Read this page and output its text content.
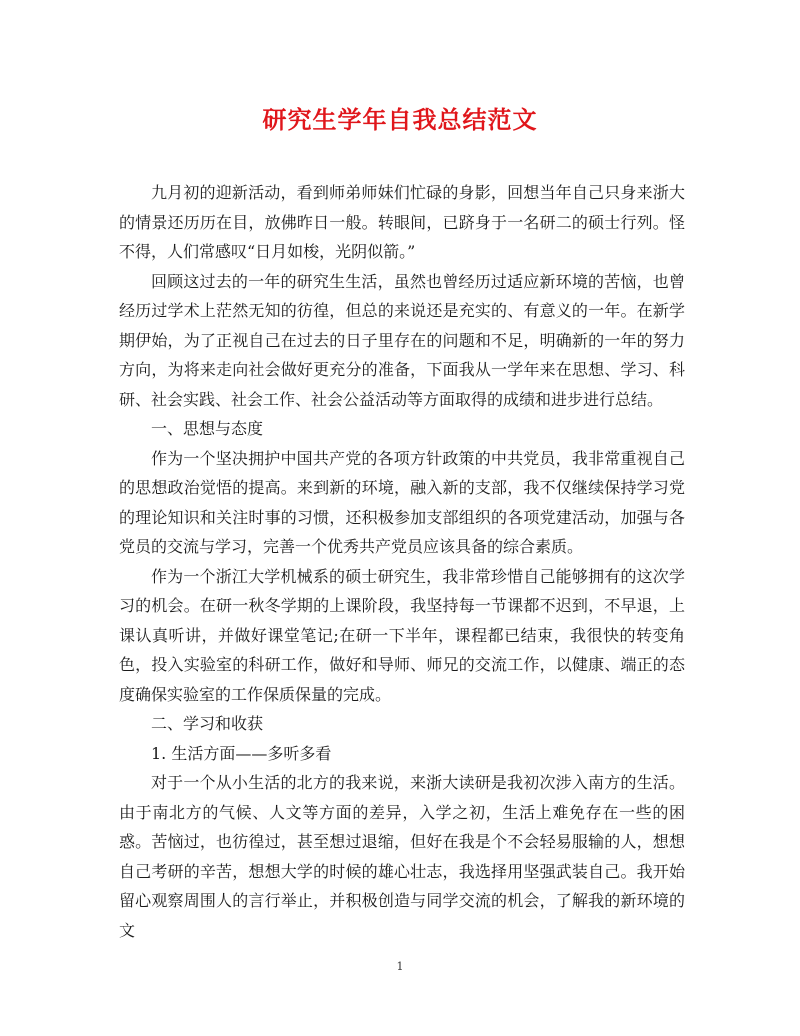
研究生学年自我总结范文

九月初的迎新活动，看到师弟师妹们忙碌的身影，回想当年自己只身来浙大的情景还历历在目，放佛昨日一般。转眼间，已跻身于一名研二的硕士行列。怪不得，人们常感叹“日月如梭，光阴似箭。”

回顾这过去的一年的研究生生活，虽然也曾经历过适应新环境的苦恼，也曾经历过学术上茫然无知的彷徨，但总的来说还是充实的、有意义的一年。在新学期伊始，为了正视自己在过去的日子里存在的问题和不足，明确新的一年的努力方向，为将来走向社会做好更充分的准备，下面我从一学年来在思想、学习、科研、社会实践、社会工作、社会公益活动等方面取得的成绩和进步进行总结。

一、思想与态度

作为一个坚决拥护中国共产党的各项方针政策的中共党员，我非常重视自己的思想政治觉悟的提高。来到新的环境，融入新的支部，我不仅继续保持学习党的理论知识和关注时事的习惯，还积极参加支部组织的各项党建活动，加强与各党员的交流与学习，完善一个优秀共产党员应该具备的综合素质。

作为一个浙江大学机械系的硕士研究生，我非常珍惜自己能够拥有的这次学习的机会。在研一秋冬学期的上课阶段，我坚持每一节课都不迟到，不早退，上课认真听讲，并做好课堂笔记;在研一下半年，课程都已结束，我很快的转变角色，投入实验室的科研工作，做好和导师、师兄的交流工作，以健康、端正的态度确保实验室的工作保质保量的完成。

二、学习和收获

1. 生活方面——多听多看

对于一个从小生活的北方的我来说，来浙大读研是我初次涉入南方的生活。由于南北方的气候、人文等方面的差异，入学之初，生活上难免存在一些的困惑。苦恼过，也彷徨过，甚至想过退缩，但好在我是个不会轻易服输的人，想想自己考研的辛苦，想想大学的时候的雄心壮志，我选择用坚强武装自己。我开始留心观察周围人的言行举止，并积极创造与同学交流的机会，了解我的新环境的文

1
